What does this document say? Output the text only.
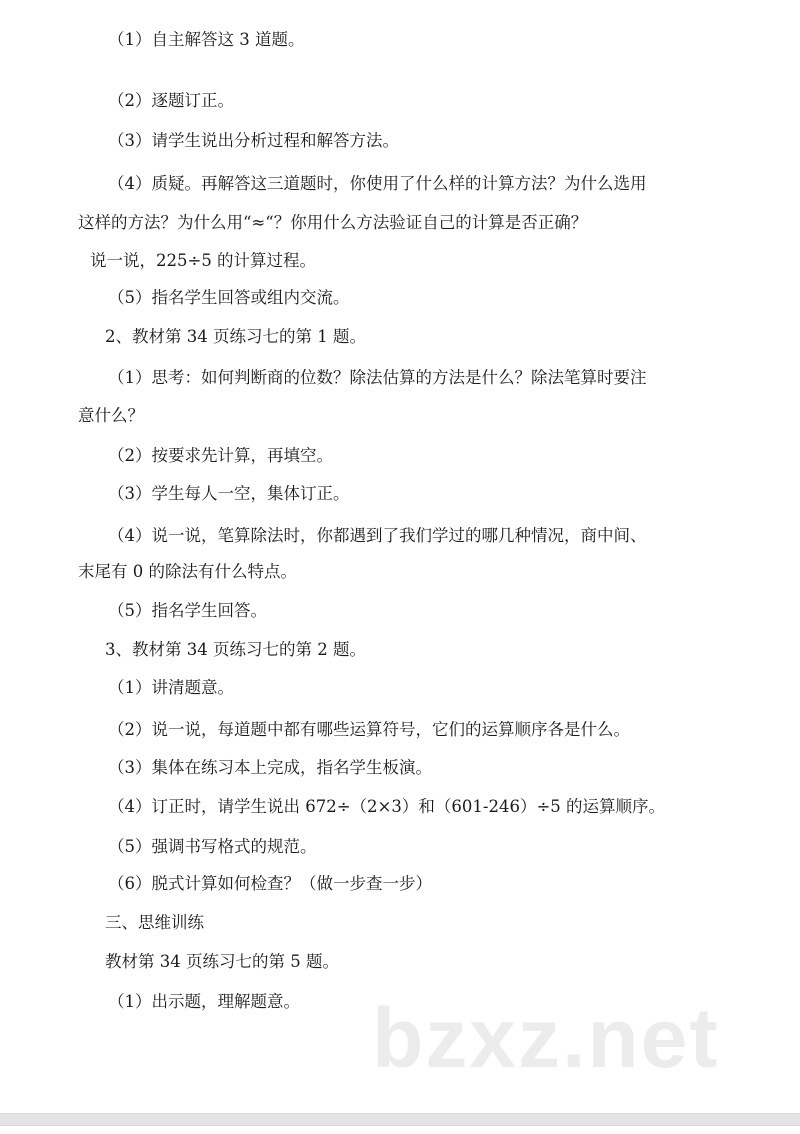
（1）自主解答这 3 道题。
（2）逐题订正。
（3）请学生说出分析过程和解答方法。
（4）质疑。再解答这三道题时，你使用了什么样的计算方法？为什么选用
这样的方法？为什么用“≈“？你用什么方法验证自己的计算是否正确？
说一说，225÷5 的计算过程。
（5）指名学生回答或组内交流。
2、教材第 34 页练习七的第 1 题。
（1）思考：如何判断商的位数？除法估算的方法是什么？除法笔算时要注
意什么？
（2）按要求先计算，再填空。
（3）学生每人一空，集体订正。
（4）说一说，笔算除法时，你都遇到了我们学过的哪几种情况，商中间、
末尾有 0 的除法有什么特点。
（5）指名学生回答。
3、教材第 34 页练习七的第 2 题。
（1）讲清题意。
（2）说一说，每道题中都有哪些运算符号，它们的运算顺序各是什么。
（3）集体在练习本上完成，指名学生板演。
（4）订正时，请学生说出 672÷（2×3）和（601-246）÷5 的运算顺序。
（5）强调书写格式的规范。
（6）脱式计算如何检查？（做一步查一步）
三、思维训练
教材第 34 页练习七的第 5 题。
（1）出示题，理解题意。 bzxz.net
